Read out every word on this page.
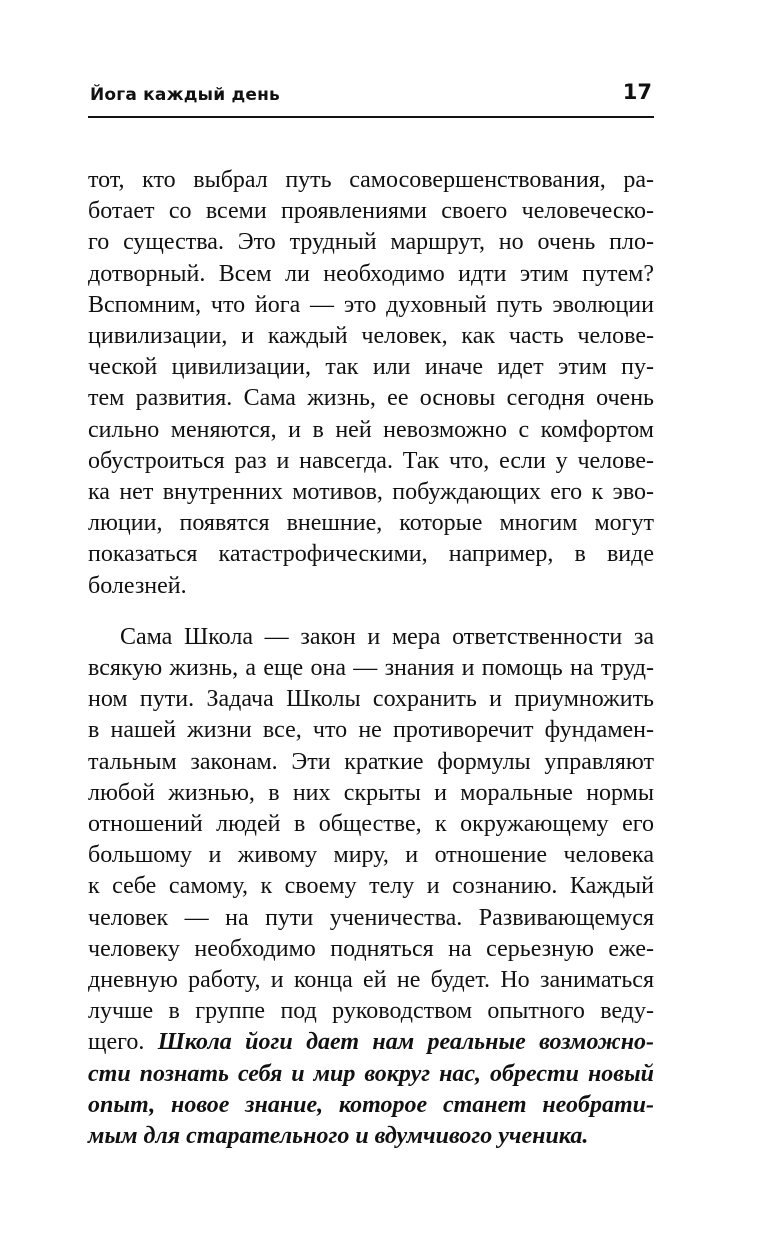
Йога каждый день	17
тот, кто выбрал путь самосовершенствования, ра-
ботает со всеми проявлениями своего человеческо-
го существа. Это трудный маршрут, но очень пло-
дотворный. Всем ли необходимо идти этим путем?
Вспомним, что йога — это духовный путь эволюции
цивилизации, и каждый человек, как часть челове-
ческой цивилизации, так или иначе идет этим пу-
тем развития. Сама жизнь, ее основы сегодня очень
сильно меняются, и в ней невозможно с комфортом
обустроиться раз и навсегда. Так что, если у челове-
ка нет внутренних мотивов, побуждающих его к эво-
люции, появятся внешние, которые многим могут
показаться катастрофическими, например, в виде
болезней.
Сама Школа — закон и мера ответственности за
всякую жизнь, а еще она — знания и помощь на труд-
ном пути. Задача Школы сохранить и приумножить
в нашей жизни все, что не противоречит фундамен-
тальным законам. Эти краткие формулы управляют
любой жизнью, в них скрыты и моральные нормы
отношений людей в обществе, к окружающему его
большому и живому миру, и отношение человека
к себе самому, к своему телу и сознанию. Каждый
человек — на пути ученичества. Развивающемуся
человеку необходимо подняться на серьезную еже-
дневную работу, и конца ей не будет. Но заниматься
лучше в группе под руководством опытного веду-
щего. Школа йоги дает нам реальные возможно-
сти познать себя и мир вокруг нас, обрести новый
опыт, новое знание, которое станет необрати-
мым для старательного и вдумчивого ученика.
